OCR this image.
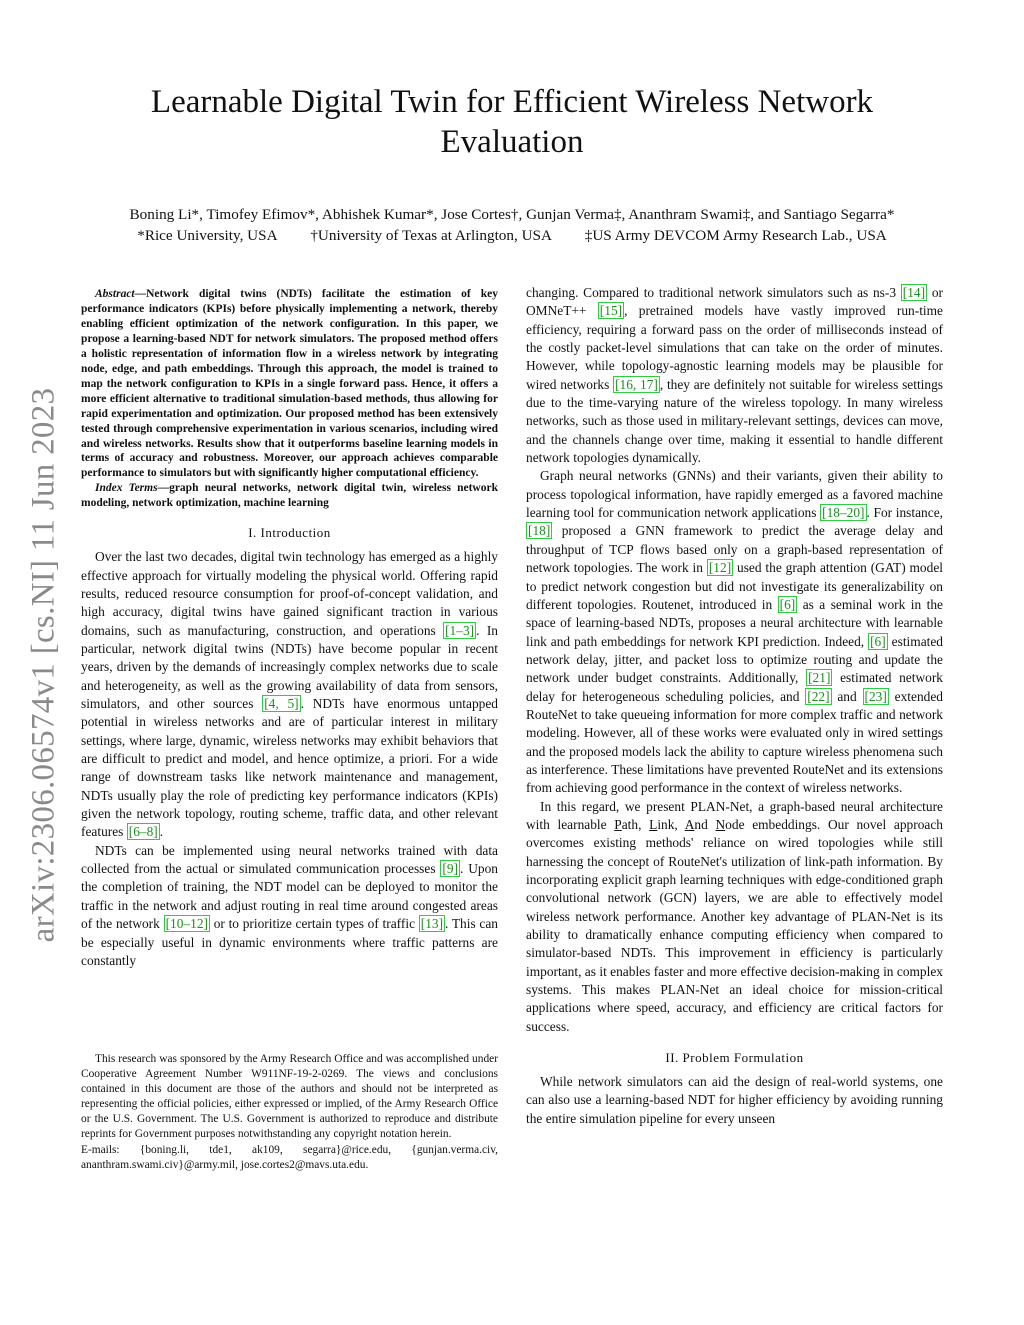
arXiv:2306.06574v1 [cs.NI] 11 Jun 2023
Learnable Digital Twin for Efficient Wireless Network Evaluation
Boning Li*, Timofey Efimov*, Abhishek Kumar*, Jose Cortes†, Gunjan Verma‡, Ananthram Swami‡, and Santiago Segarra*
*Rice University, USA †University of Texas at Arlington, USA ‡US Army DEVCOM Army Research Lab., USA

Abstract—Network digital twins (NDTs) facilitate the estimation of key performance indicators (KPIs) before physically implementing a network, thereby enabling efficient optimization of the network configuration. In this paper, we propose a learning-based NDT for network simulators. The proposed method offers a holistic representation of information flow in a wireless network by integrating node, edge, and path embeddings. Through this approach, the model is trained to map the network configuration to KPIs in a single forward pass. Hence, it offers a more efficient alternative to traditional simulation-based methods, thus allowing for rapid experimentation and optimization. Our proposed method has been extensively tested through comprehensive experimentation in various scenarios, including wired and wireless networks. Results show that it outperforms baseline learning models in terms of accuracy and robustness. Moreover, our approach achieves comparable performance to simulators but with significantly higher computational efficiency.

Index Terms—graph neural networks, network digital twin, wireless network modeling, network optimization, machine learning

I. Introduction

Over the last two decades, digital twin technology has emerged as a highly effective approach for virtually modeling the physical world. Offering rapid results, reduced resource consumption for proof-of-concept validation, and high accuracy, digital twins have gained significant traction in various domains, such as manufacturing, construction, and operations [1–3] . In particular, network digital twins (NDTs) have become popular in recent years, driven by the demands of increasingly complex networks due to scale and heterogeneity, as well as the growing availability of data from sensors, simulators, and other sources [4, 5] . NDTs have enormous untapped potential in wireless networks and are of particular interest in military settings, where large, dynamic, wireless networks may exhibit behaviors that are difficult to predict and model, and hence optimize, a priori. For a wide range of downstream tasks like network maintenance and management, NDTs usually play the role of predicting key performance indicators (KPIs) given the network topology, routing scheme, traffic data, and other relevant features [6–8] .

NDTs can be implemented using neural networks trained with data collected from the actual or simulated communication processes [9] . Upon the completion of training, the NDT model can be deployed to monitor the traffic in the network and adjust routing in real time around congested areas of the network [10–12] or to prioritize certain types of traffic [13] . This can be especially useful in dynamic environments where traffic patterns are constantly

This research was sponsored by the Army Research Office and was accomplished under Cooperative Agreement Number W911NF-19-2-0269. The views and conclusions contained in this document are those of the authors and should not be interpreted as representing the official policies, either expressed or implied, of the Army Research Office or the U.S. Government. The U.S. Government is authorized to reproduce and distribute reprints for Government purposes notwithstanding any copyright notation herein.

E-mails: {boning.li, tde1, ak109, segarra}@rice.edu, {gunjan.verma.civ, ananthram.swami.civ}@army.mil, jose.cortes2@mavs.uta.edu.

changing. Compared to traditional network simulators such as ns-3 [14] or OMNeT++ [15] , pretrained models have vastly improved run-time efficiency, requiring a forward pass on the order of milliseconds instead of the costly packet-level simulations that can take on the order of minutes. However, while topology-agnostic learning models may be plausible for wired networks [16, 17] , they are definitely not suitable for wireless settings due to the time-varying nature of the wireless topology. In many wireless networks, such as those used in military-relevant settings, devices can move, and the channels change over time, making it essential to handle different network topologies dynamically.

Graph neural networks (GNNs) and their variants, given their ability to process topological information, have rapidly emerged as a favored machine learning tool for communication network applications [18–20] . For instance, [18] proposed a GNN framework to predict the average delay and throughput of TCP flows based only on a graph-based representation of network topologies. The work in [12] used the graph attention (GAT) model to predict network congestion but did not investigate its generalizability on different topologies. Routenet, introduced in [6] as a seminal work in the space of learning-based NDTs, proposes a neural architecture with learnable link and path embeddings for network KPI prediction. Indeed, [6] estimated network delay, jitter, and packet loss to optimize routing and update the network under budget constraints. Additionally, [21] estimated network delay for heterogeneous scheduling policies, and [22] and [23] extended RouteNet to take queueing information for more complex traffic and network modeling. However, all of these works were evaluated only in wired settings and the proposed models lack the ability to capture wireless phenomena such as interference. These limitations have prevented RouteNet and its extensions from achieving good performance in the context of wireless networks.

In this regard, we present PLAN-Net, a graph-based neural architecture with learnable Path, Link, And Node embeddings. Our novel approach overcomes existing methods' reliance on wired topologies while still harnessing the concept of RouteNet's utilization of link-path information. By incorporating explicit graph learning techniques with edge-conditioned graph convolutional network (GCN) layers, we are able to effectively model wireless network performance. Another key advantage of PLAN-Net is its ability to dramatically enhance computing efficiency when compared to simulator-based NDTs. This improvement in efficiency is particularly important, as it enables faster and more effective decision-making in complex systems. This makes PLAN-Net an ideal choice for mission-critical applications where speed, accuracy, and efficiency are critical factors for success.

II. Problem Formulation

While network simulators can aid the design of real-world systems, one can also use a learning-based NDT for higher efficiency by avoiding running the entire simulation pipeline for every unseen
